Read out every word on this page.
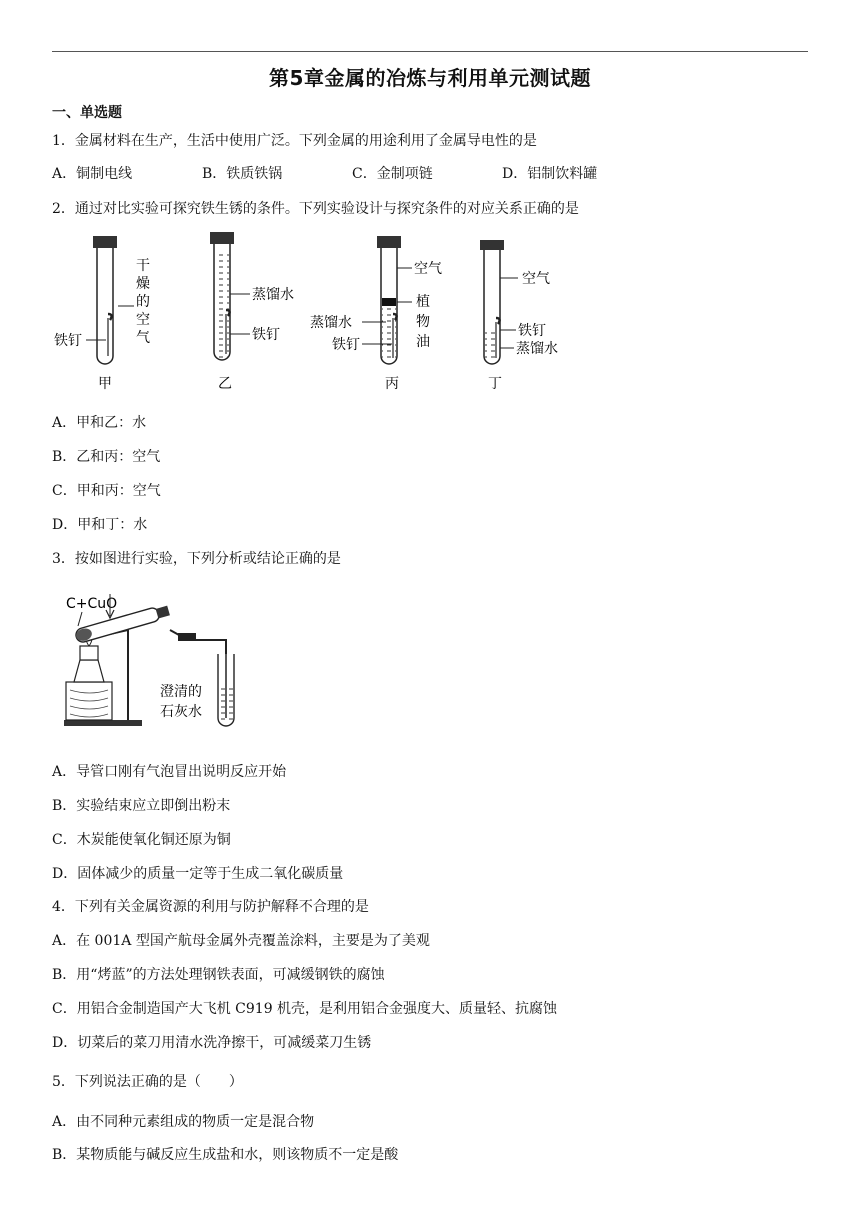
第5章金属的冶炼与利用单元测试题
一、单选题
1．金属材料在生产，生活中使用广泛。下列金属的用途利用了金属导电性的是
A．铜制电线	B．铁质铁锅	C．金制项链	D．铝制饮料罐
2．通过对比实验可探究铁生锈的条件。下列实验设计与探究条件的对应关系正确的是
铁钉
干
燥
的
空
气
甲
蒸馏水
铁钉
乙
空气
植
物
油
蒸馏水
铁钉
丙
空气
铁钉
蒸馏水
丁
A．甲和乙：水
B．乙和丙：空气
C．甲和丙：空气
D．甲和丁：水
3．按如图进行实验，下列分析或结论正确的是
C+CuO
澄清的
石灰水
A．导管口刚有气泡冒出说明反应开始
B．实验结束应立即倒出粉末
C．木炭能使氧化铜还原为铜
D．固体减少的质量一定等于生成二氧化碳质量
4．下列有关金属资源的利用与防护解释不合理的是
A．在 001A 型国产航母金属外壳覆盖涂料，主要是为了美观
B．用“烤蓝”的方法处理钢铁表面，可减缓钢铁的腐蚀
C．用铝合金制造国产大飞机 C919 机壳，是利用铝合金强度大、质量轻、抗腐蚀
D．切菜后的菜刀用清水洗净擦干，可减缓菜刀生锈
5．下列说法正确的是（　　）
A．由不同种元素组成的物质一定是混合物
B．某物质能与碱反应生成盐和水，则该物质不一定是酸
